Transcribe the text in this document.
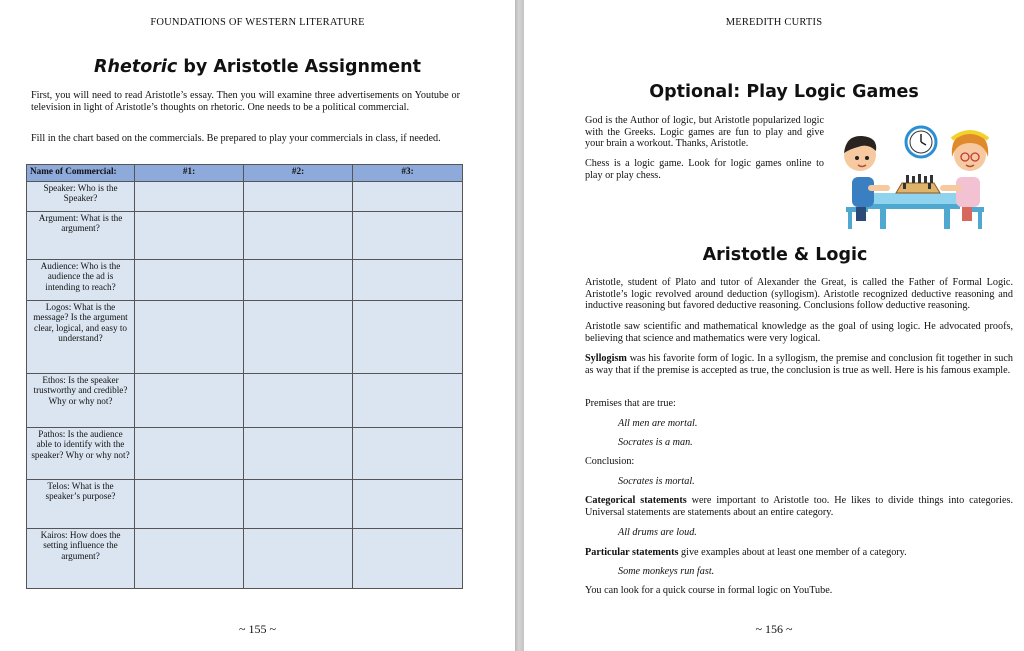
FOUNDATIONS OF WESTERN LITERATURE
Rhetoric by Aristotle Assignment

First, you will need to read Aristotle’s essay. Then you will examine three advertisements on Youtube or television in light of Aristotle’s thoughts on rhetoric. One needs to be a political commercial.

Fill in the chart based on the commercials. Be prepared to play your commercials in class, if needed.

Name of Commercial:	#1:	#2:	#3:
Speaker: Who is the Speaker?			
Argument: What is the argument?			
Audience: Who is the audience the ad is intending to reach?			
Logos: What is the message? Is the argument clear, logical, and easy to understand?			
Ethos: Is the speaker trustworthy and credible? Why or why not?			
Pathos: Is the audience able to identify with the speaker? Why or why not?			
Telos: What is the speaker’s purpose?			
Kairos: How does the setting influence the argument?			
~ 155 ~
MEREDITH CURTIS
Optional: Play Logic Games

God is the Author of logic, but Aristotle popularized logic with the Greeks. Logic games are fun to play and give your brain a workout. Thanks, Aristotle.

Chess is a logic game. Look for logic games online to play or play chess.

Aristotle & Logic

Aristotle, student of Plato and tutor of Alexander the Great, is called the Father of Formal Logic. Aristotle’s logic revolved around deduction (syllogism). Aristotle recognized deductive reasoning and inductive reasoning but favored deductive reasoning. Conclusions follow deductive reasoning.

Aristotle saw scientific and mathematical knowledge as the goal of using logic. He advocated proofs, believing that science and mathematics were very logical.

Syllogism was his favorite form of logic. In a syllogism, the premise and conclusion fit together in such as way that if the premise is accepted as true, the conclusion is true as well. Here is his famous example.

Premises that are true:

All men are mortal.

Socrates is a man.

Conclusion:

Socrates is mortal.

Categorical statements were important to Aristotle too. He likes to divide things into categories. Universal statements are statements about an entire category.

All drums are loud.

Particular statements give examples about at least one member of a category.

Some monkeys run fast.

You can look for a quick course in formal logic on YouTube.

~ 156 ~
